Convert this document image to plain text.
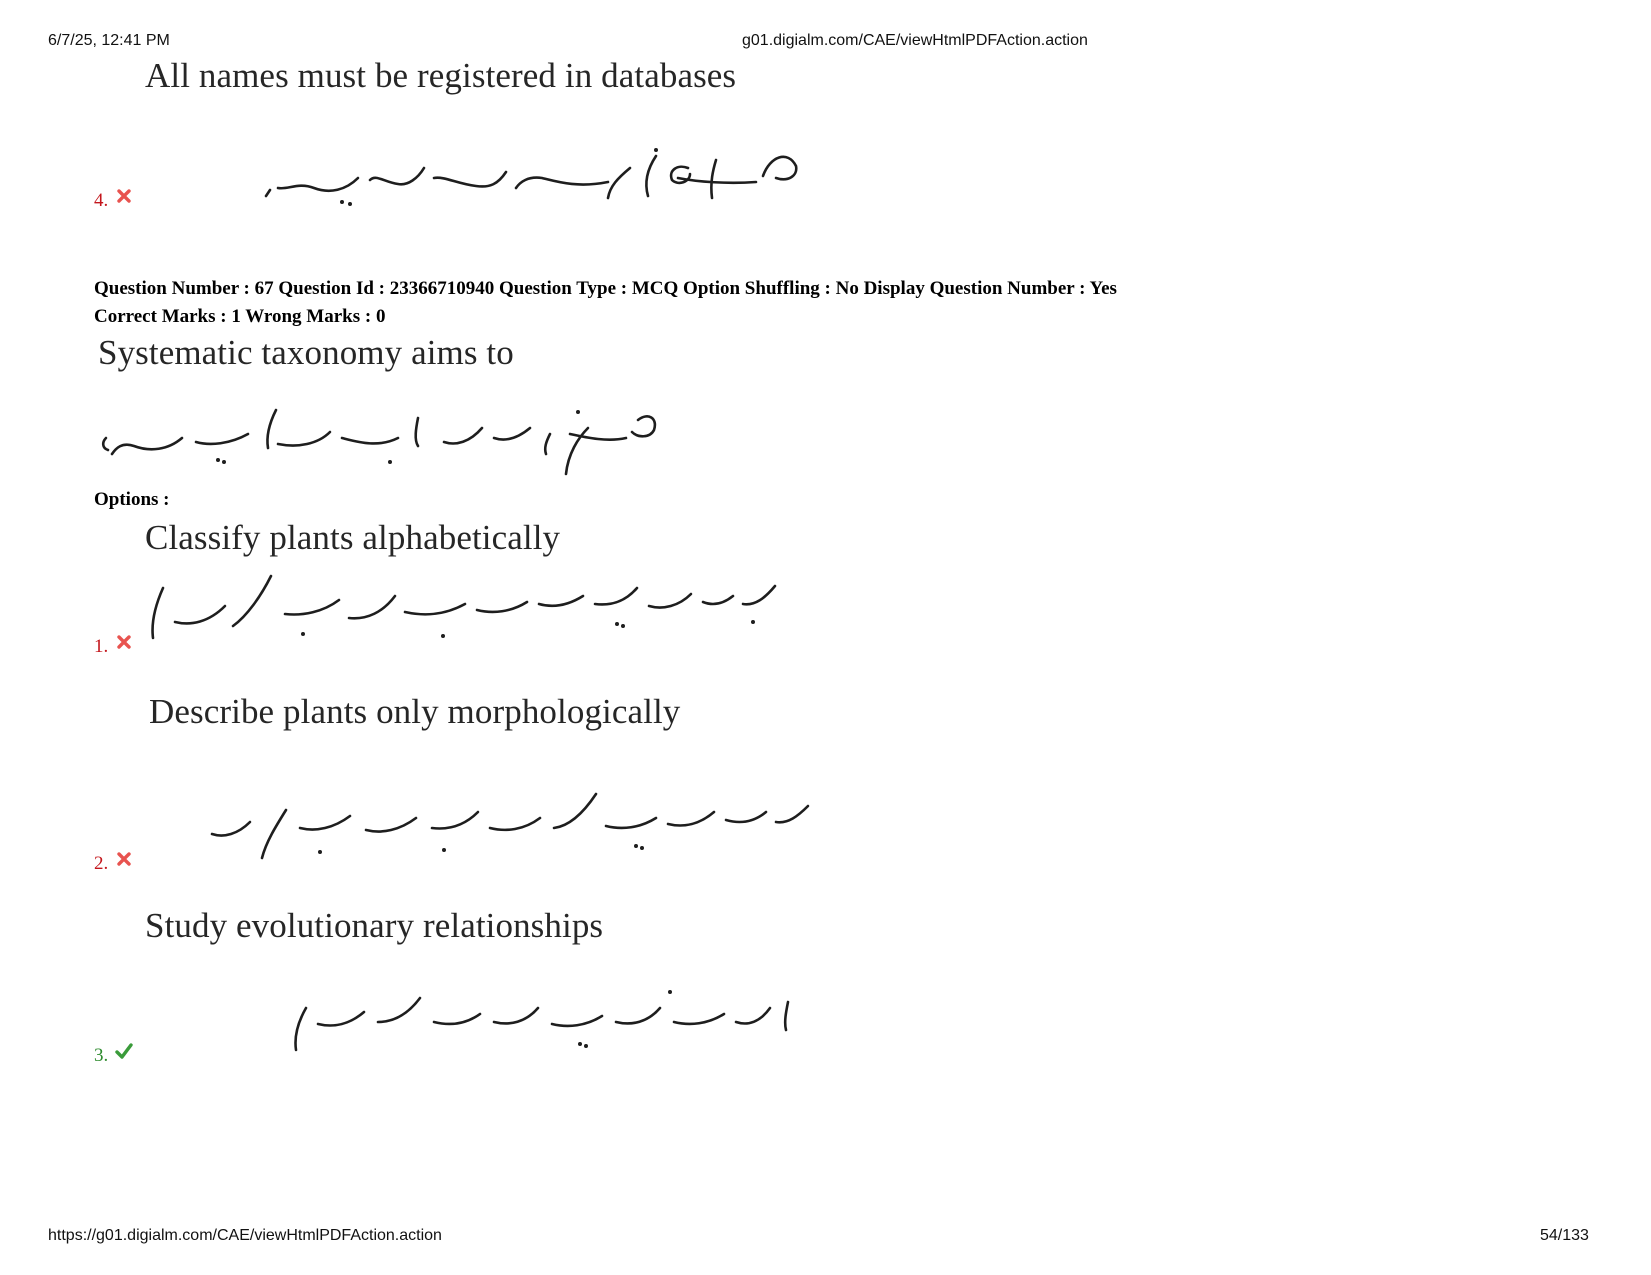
6/7/25, 12:41 PM	g01.digialm.com/CAE/viewHtmlPDFAction.action
All names must be registered in databases
4.
Question Number : 67 Question Id : 23366710940 Question Type : MCQ Option Shuffling : No Display Question Number : Yes
Correct Marks : 1 Wrong Marks : 0
Systematic taxonomy aims to
Options :
Classify plants alphabetically
1.
Describe plants only morphologically
2.
Study evolutionary relationships
3.
https://g01.digialm.com/CAE/viewHtmlPDFAction.action	54/133
